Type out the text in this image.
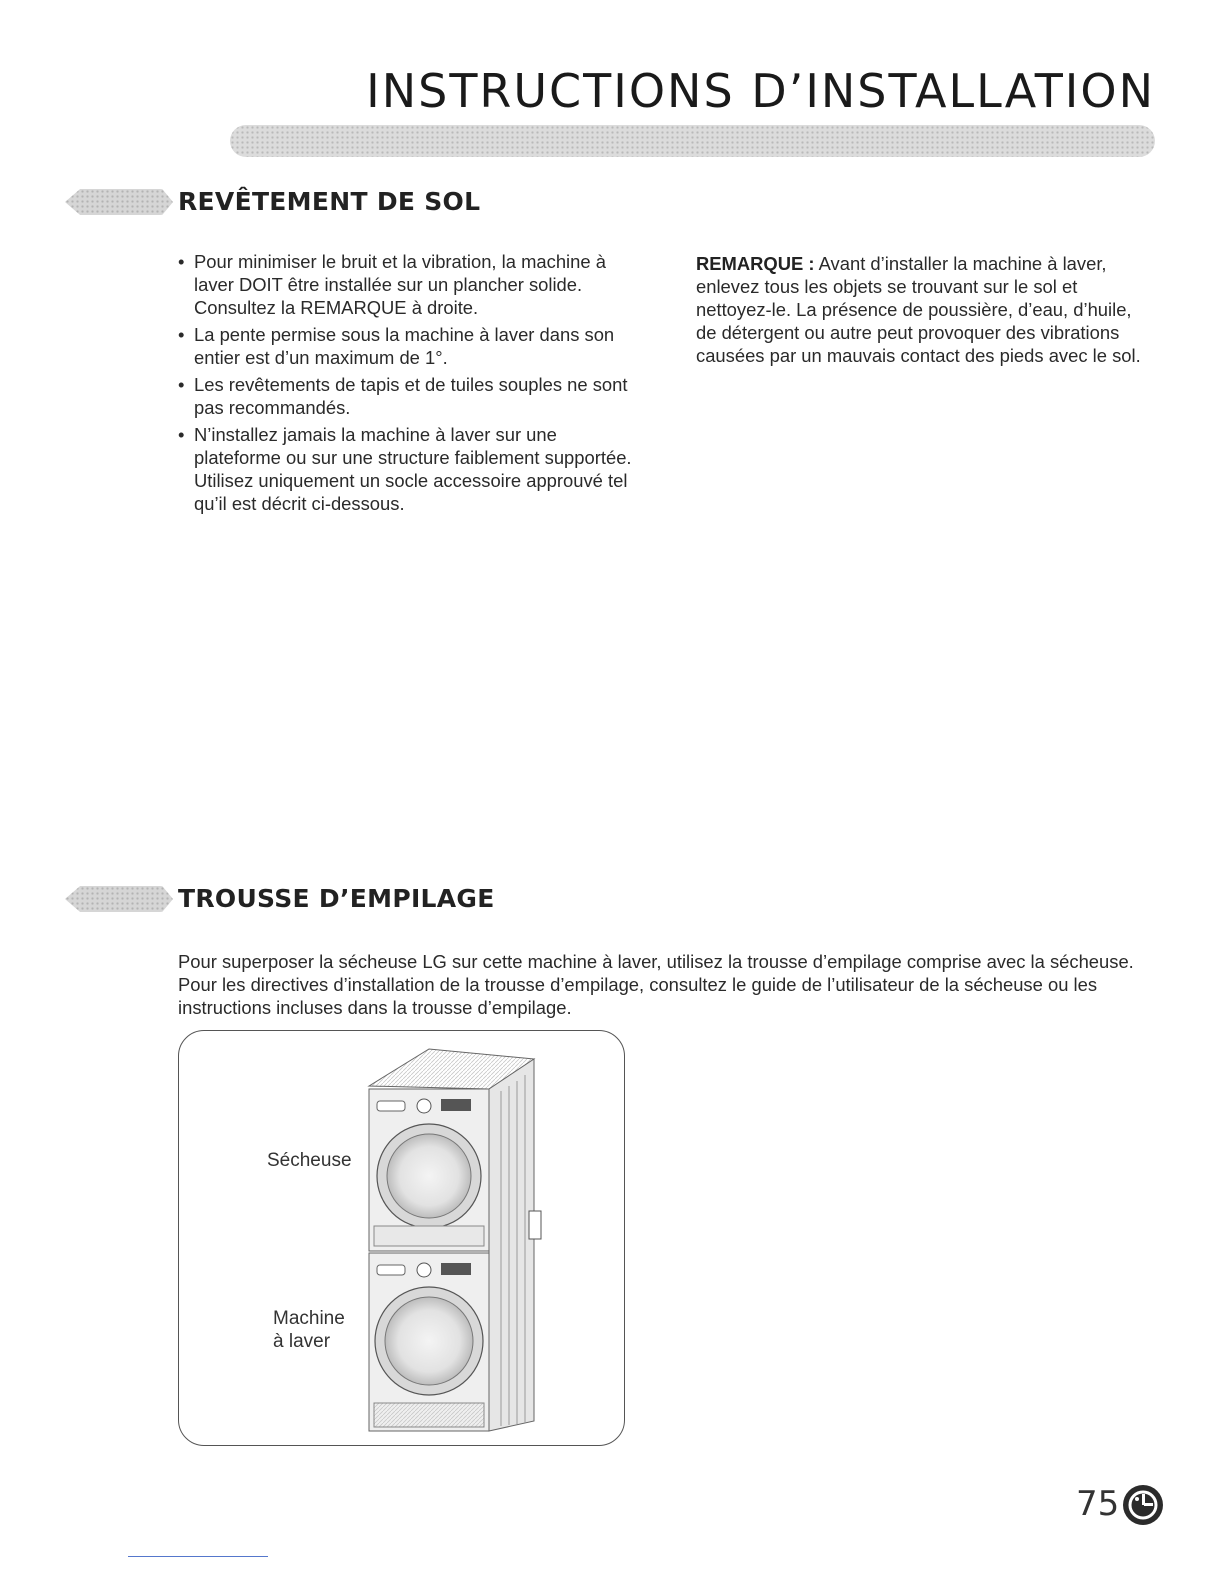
INSTRUCTIONS D’INSTALLATION
REVÊTEMENT DE SOL
• Pour minimiser le bruit et la vibration, la machine à laver DOIT être installée sur un plancher solide. Consultez la REMARQUE à droite.
• La pente permise sous la machine à laver dans son entier est d’un maximum de 1°.
• Les revêtements de tapis et de tuiles souples ne sont pas recommandés.
• N’installez jamais la machine à laver sur une plateforme ou sur une structure faiblement supportée. Utilisez uniquement un socle accessoire approuvé tel qu’il est décrit ci-dessous.

REMARQUE : Avant d’installer la machine à laver, enlevez tous les objets se trouvant sur le sol et nettoyez-le. La présence de poussière, d’eau, d’huile, de détergent ou autre peut provoquer des vibrations causées par un mauvais contact des pieds avec le sol.

TROUSSE D’EMPILAGE

Pour superposer la sécheuse LG sur cette machine à laver, utilisez la trousse d’empilage comprise avec la sécheuse. Pour les directives d’installation de la trousse d’empilage, consultez le guide de l’utilisateur de la sécheuse ou les instructions incluses dans la trousse d’empilage.

Sécheuse

Machine

à laver

75
